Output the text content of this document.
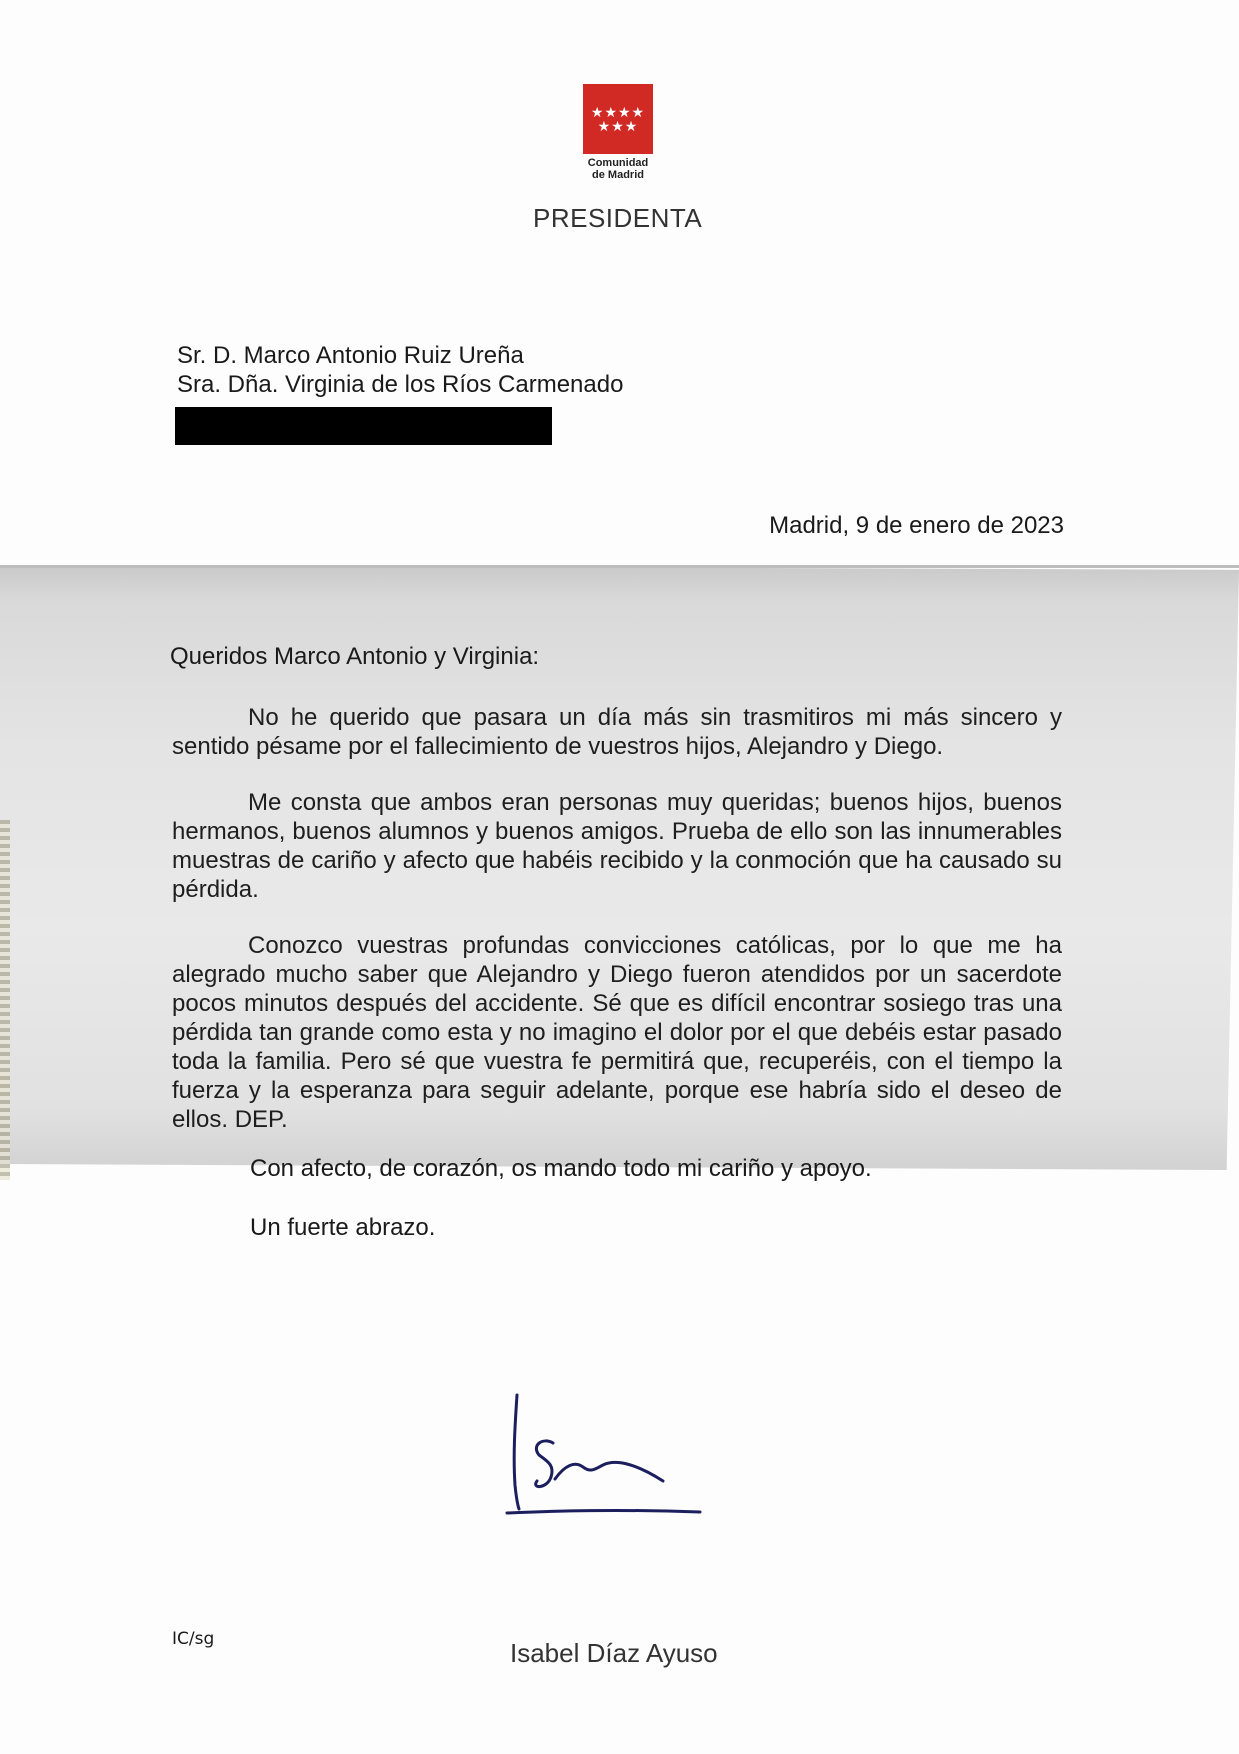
★★★★
★★★
Comunidad
de Madrid
PRESIDENTA
Sr. D. Marco Antonio Ruiz Ureña
Sra. Dña. Virginia de los Ríos Carmenado
Madrid, 9 de enero de 2023
Queridos Marco Antonio y Virginia:
No he querido que pasara un día más sin trasmitiros mi más sincero y sentido pésame por el fallecimiento de vuestros hijos, Alejandro y Diego.
Me consta que ambos eran personas muy queridas; buenos hijos, buenos hermanos, buenos alumnos y buenos amigos. Prueba de ello son las innumerables muestras de cariño y afecto que habéis recibido y la conmoción que ha causado su pérdida.
Conozco vuestras profundas convicciones católicas, por lo que me ha alegrado mucho saber que Alejandro y Diego fueron atendidos por un sacerdote pocos minutos después del accidente. Sé que es difícil encontrar sosiego tras una pérdida tan grande como esta y no imagino el dolor por el que debéis estar pasado toda la familia. Pero sé que vuestra fe permitirá que, recuperéis, con el tiempo la fuerza y la esperanza para seguir adelante, porque ese habría sido el deseo de ellos. DEP.
Con afecto, de corazón, os mando todo mi cariño y apoyo.
Un fuerte abrazo.
IC/sg	Isabel Díaz Ayuso
